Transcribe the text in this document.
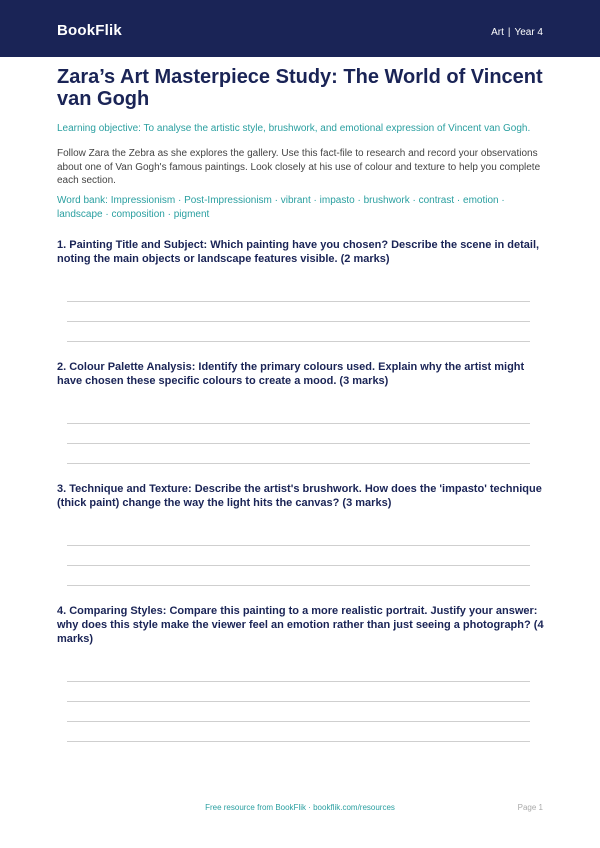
BookFlik	Art | Year 4
Zara’s Art Masterpiece Study: The World of Vincent van Gogh
Learning objective: To analyse the artistic style, brushwork, and emotional expression of Vincent van Gogh.
Follow Zara the Zebra as she explores the gallery. Use this fact-file to research and record your observations about one of Van Gogh's famous paintings. Look closely at his use of colour and texture to help you complete each section.
Word bank: Impressionism · Post-Impressionism · vibrant · impasto · brushwork · contrast · emotion · landscape · composition · pigment
1. Painting Title and Subject: Which painting have you chosen? Describe the scene in detail, noting the main objects or landscape features visible. (2 marks)
2. Colour Palette Analysis: Identify the primary colours used. Explain why the artist might have chosen these specific colours to create a mood. (3 marks)
3. Technique and Texture: Describe the artist's brushwork. How does the 'impasto' technique (thick paint) change the way the light hits the canvas? (3 marks)
4. Comparing Styles: Compare this painting to a more realistic portrait. Justify your answer: why does this style make the viewer feel an emotion rather than just seeing a photograph? (4 marks)
Free resource from BookFlik · bookflik.com/resources	Page 1
